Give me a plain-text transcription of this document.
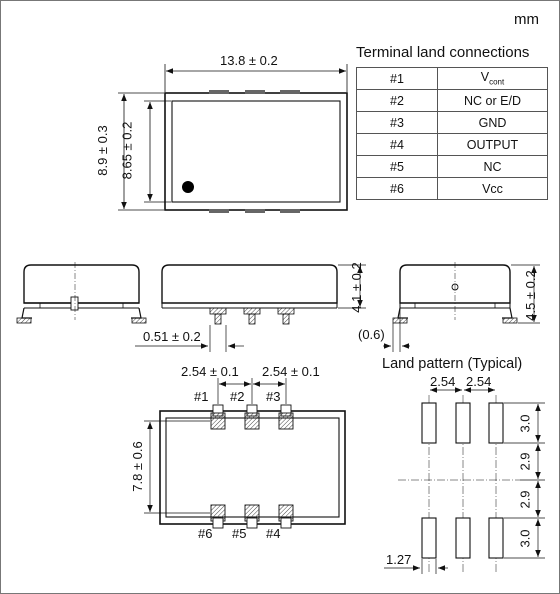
mm
Terminal land connections
#1	$V_{cont}$
#2	NC or E/D
#3	GND
#4	OUTPUT
#5	NC
#6	Vcc
13.8 ± 0.2
8.9 ± 0.3 8.65 ± 0.2
0.51 ± 0.2
4.1 ± 0.2	4.5 ± 0.2
(0.6)
2.54 ± 0.1 2.54 ± 0.1
#1 #2 #3
#6 #5 #4
7.8 ± 0.6
Land pattern (Typical)
2.54 2.54
3.0
2.9
2.9
3.0
1.27
